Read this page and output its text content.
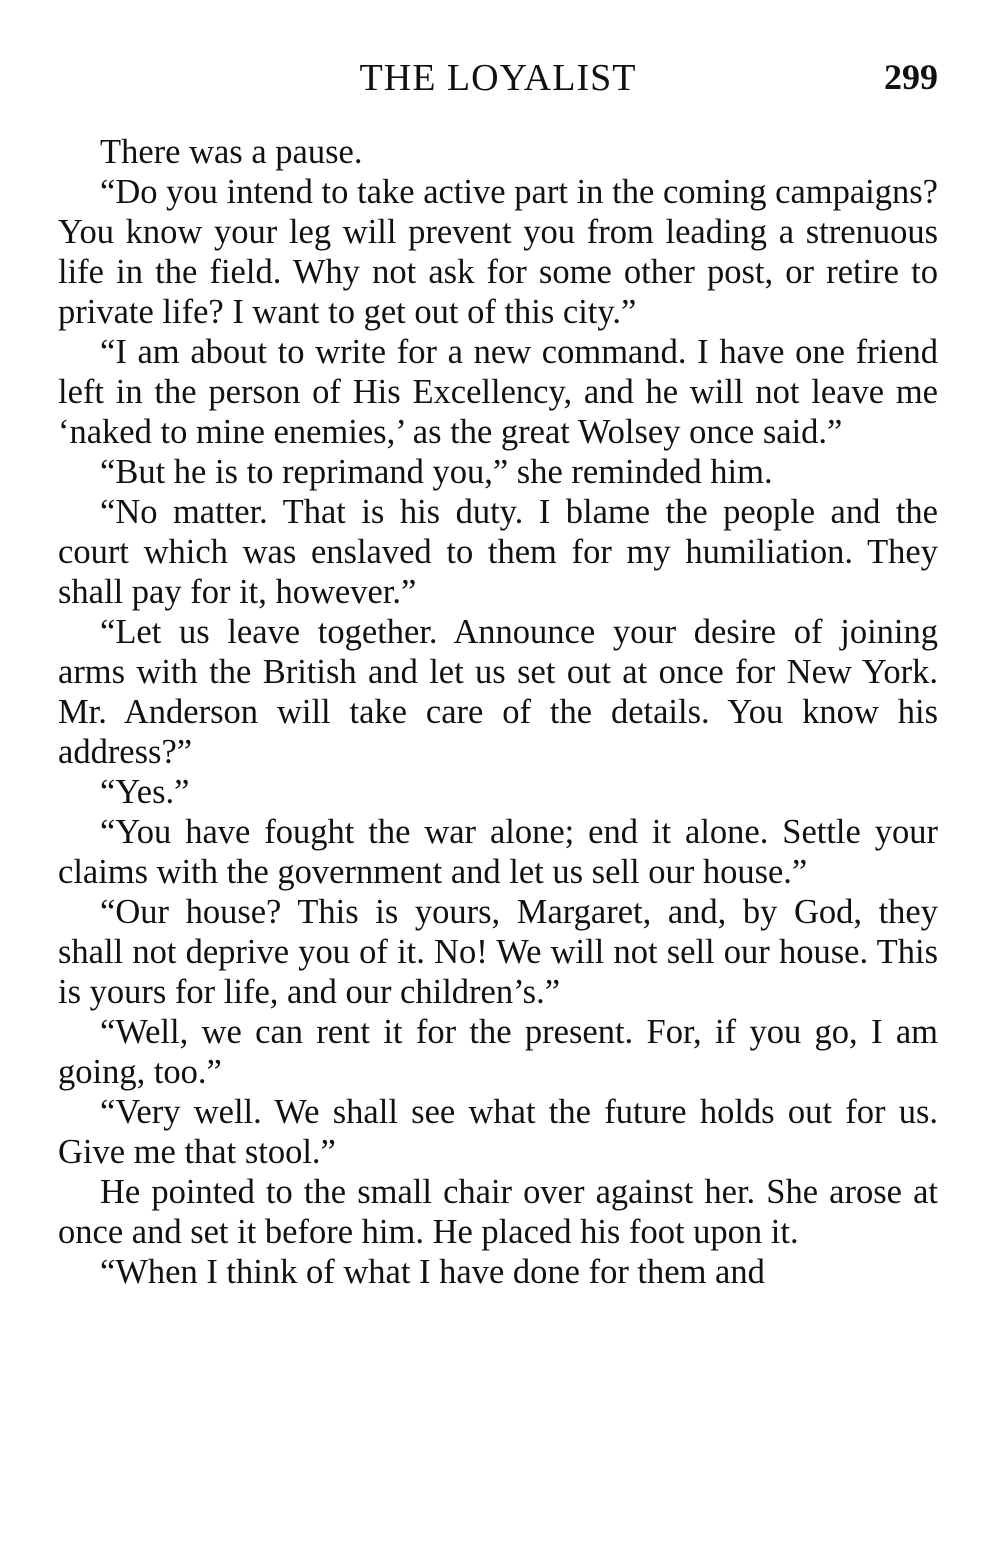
THE LOYALIST	299

There was a pause.

“Do you intend to take active part in the coming campaigns? You know your leg will prevent you from leading a strenuous life in the field. Why not ask for some other post, or retire to private life? I want to get out of this city.”

“I am about to write for a new command. I have one friend left in the person of His Excellency, and he will not leave me ‘naked to mine enemies,’ as the great Wolsey once said.”

“But he is to reprimand you,” she reminded him.

“No matter. That is his duty. I blame the people and the court which was enslaved to them for my humiliation. They shall pay for it, however.”

“Let us leave together. Announce your desire of joining arms with the British and let us set out at once for New York. Mr. Anderson will take care of the details. You know his address?”

“Yes.”

“You have fought the war alone; end it alone. Settle your claims with the government and let us sell our house.”

“Our house? This is yours, Margaret, and, by God, they shall not deprive you of it. No! We will not sell our house. This is yours for life, and our children’s.”

“Well, we can rent it for the present. For, if you go, I am going, too.”

“Very well. We shall see what the future holds out for us. Give me that stool.”

He pointed to the small chair over against her. She arose at once and set it before him. He placed his foot upon it.

“When I think of what I have done for them and
